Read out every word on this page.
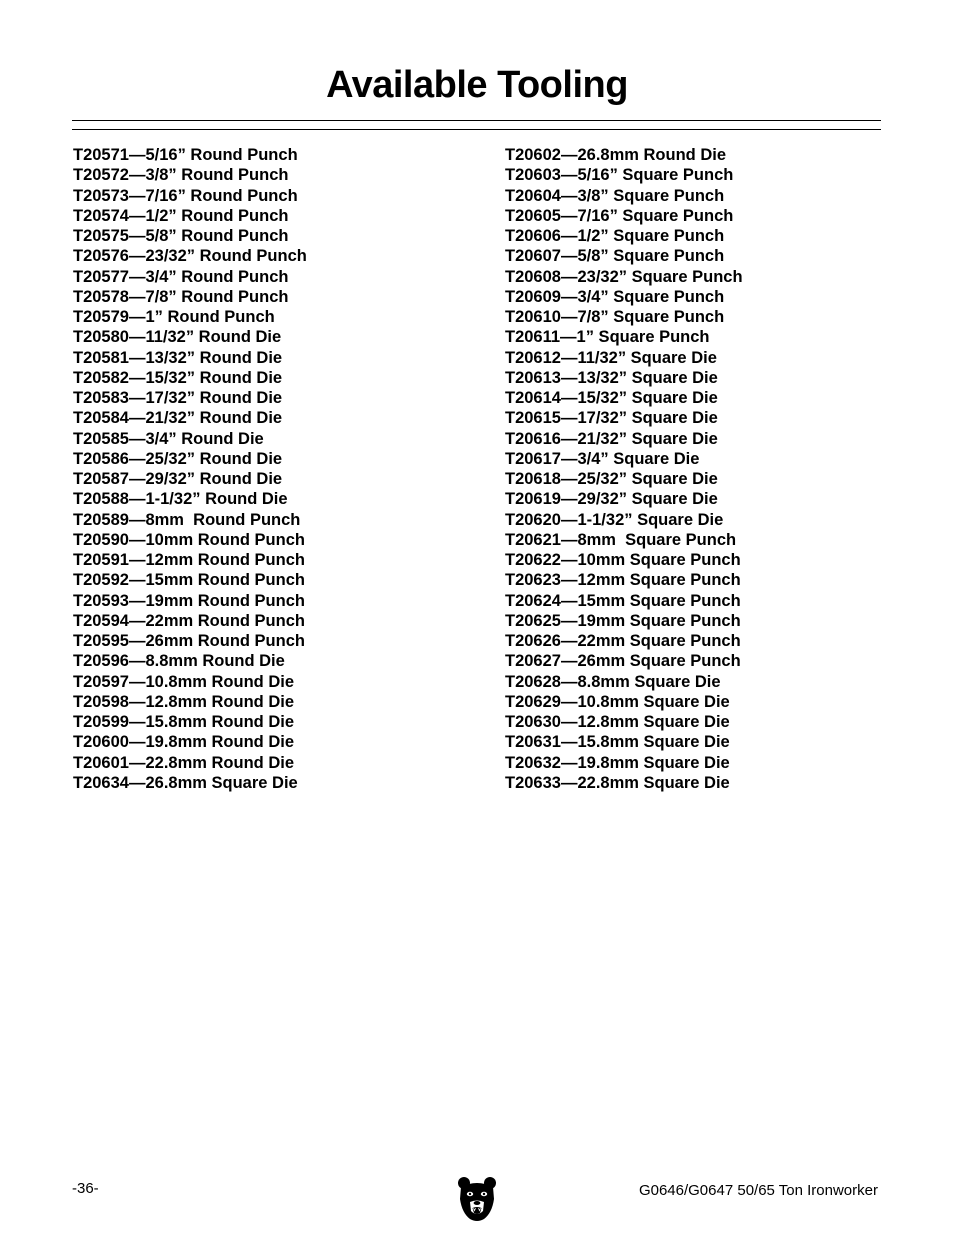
Available Tooling
T20571—5/16” Round Punch
T20572—3/8” Round Punch
T20573—7/16” Round Punch
T20574—1/2” Round Punch
T20575—5/8” Round Punch
T20576—23/32” Round Punch
T20577—3/4” Round Punch
T20578—7/8” Round Punch
T20579—1” Round Punch
T20580—11/32” Round Die
T20581—13/32” Round Die
T20582—15/32” Round Die
T20583—17/32” Round Die
T20584—21/32” Round Die
T20585—3/4” Round Die
T20586—25/32” Round Die
T20587—29/32” Round Die
T20588—1-1/32” Round Die
T20589—8mm  Round Punch
T20590—10mm Round Punch
T20591—12mm Round Punch
T20592—15mm Round Punch
T20593—19mm Round Punch
T20594—22mm Round Punch
T20595—26mm Round Punch
T20596—8.8mm Round Die
T20597—10.8mm Round Die
T20598—12.8mm Round Die
T20599—15.8mm Round Die
T20600—19.8mm Round Die
T20601—22.8mm Round Die
T20634—26.8mm Square Die
T20602—26.8mm Round Die
T20603—5/16” Square Punch
T20604—3/8” Square Punch
T20605—7/16” Square Punch
T20606—1/2” Square Punch
T20607—5/8” Square Punch
T20608—23/32” Square Punch
T20609—3/4” Square Punch
T20610—7/8” Square Punch
T20611—1” Square Punch
T20612—11/32” Square Die
T20613—13/32” Square Die
T20614—15/32” Square Die
T20615—17/32” Square Die
T20616—21/32” Square Die
T20617—3/4” Square Die
T20618—25/32” Square Die
T20619—29/32” Square Die
T20620—1-1/32” Square Die
T20621—8mm  Square Punch
T20622—10mm Square Punch
T20623—12mm Square Punch
T20624—15mm Square Punch
T20625—19mm Square Punch
T20626—22mm Square Punch
T20627—26mm Square Punch
T20628—8.8mm Square Die
T20629—10.8mm Square Die
T20630—12.8mm Square Die
T20631—15.8mm Square Die
T20632—19.8mm Square Die
T20633—22.8mm Square Die
-36-	G0646/G0647 50/65 Ton Ironworker
